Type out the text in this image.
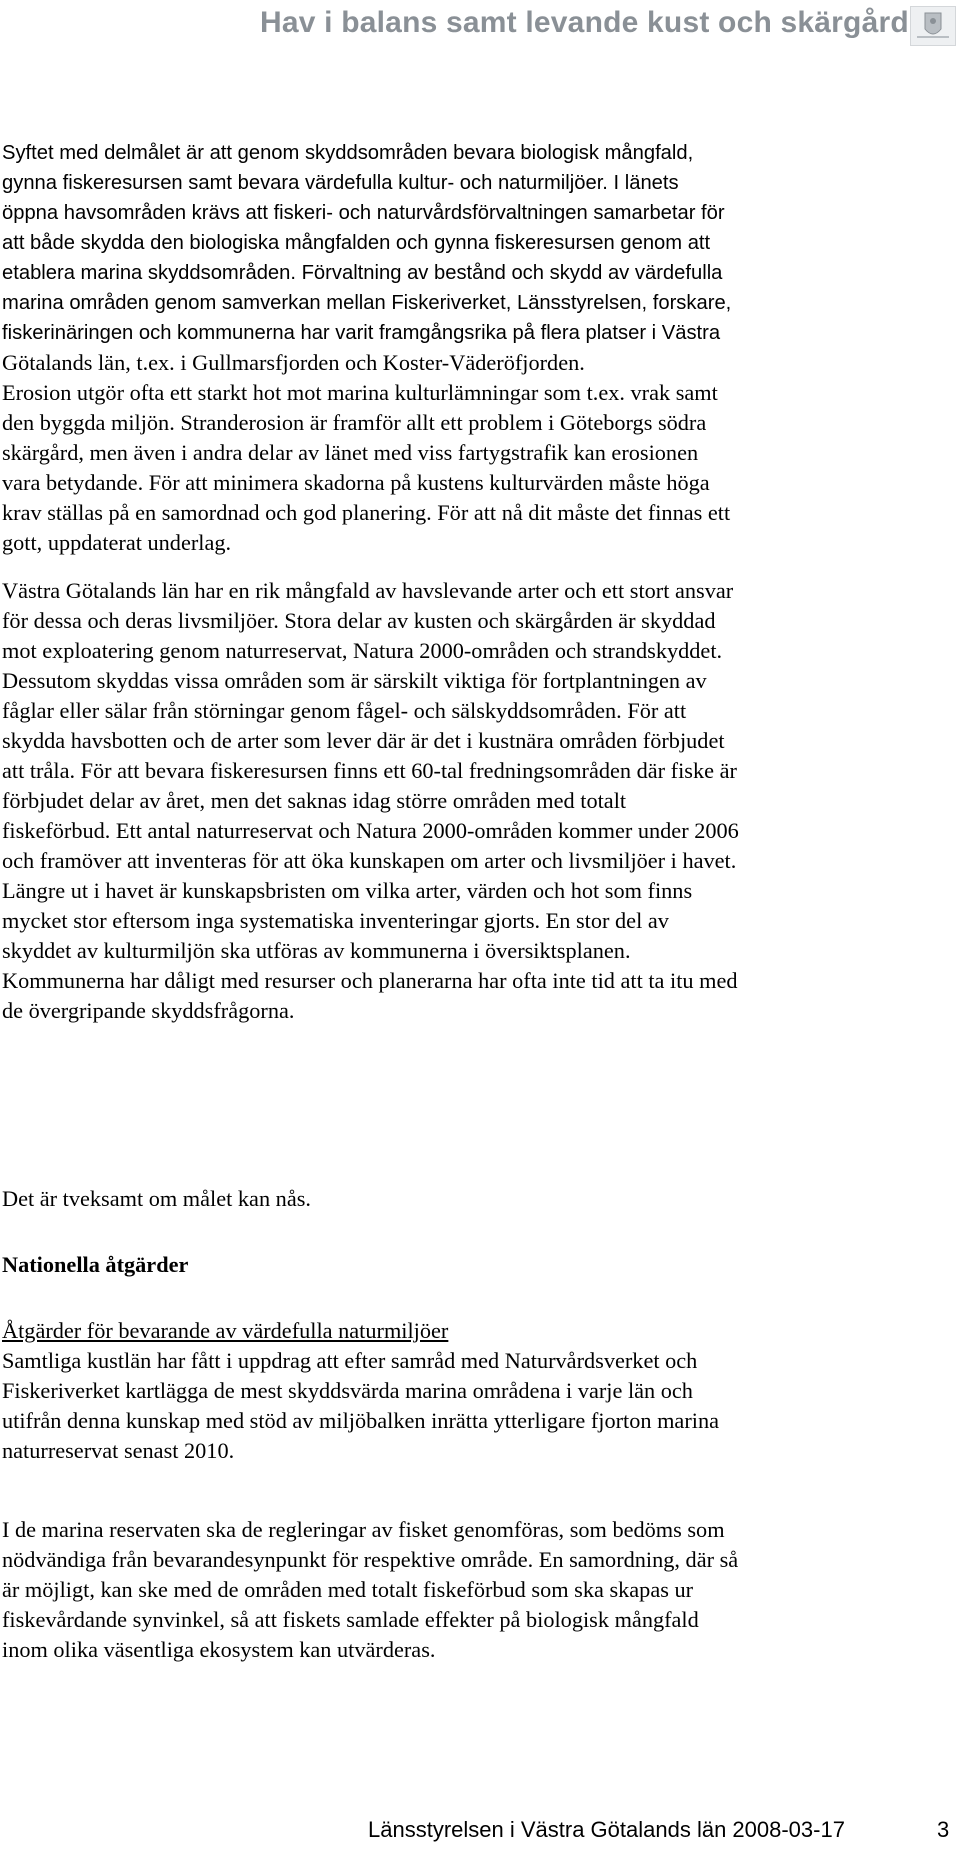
Hav i balans samt levande kust och skärgård
Syftet med delmålet är att genom skyddsområden bevara biologisk mångfald,
gynna fiskeresursen samt bevara värdefulla kultur- och naturmiljöer. I länets
öppna havsområden krävs att fiskeri- och naturvårdsförvaltningen samarbetar för
att både skydda den biologiska mångfalden och gynna fiskeresursen genom att
etablera marina skyddsområden. Förvaltning av bestånd och skydd av värdefulla
marina områden genom samverkan mellan Fiskeriverket, Länsstyrelsen, forskare,
fiskerinäringen och kommunerna har varit framgångsrika på flera platser i Västra
Götalands län, t.ex. i Gullmarsfjorden och Koster-Väderöfjorden.
Erosion utgör ofta ett starkt hot mot marina kulturlämningar som t.ex. vrak samt
den byggda miljön. Stranderosion är framför allt ett problem i Göteborgs södra
skärgård, men även i andra delar av länet med viss fartygstrafik kan erosionen
vara betydande. För att minimera skadorna på kustens kulturvärden måste höga
krav ställas på en samordnad och god planering. För att nå dit måste det finnas ett
gott, uppdaterat underlag.
Västra Götalands län har en rik mångfald av havslevande arter och ett stort ansvar
för dessa och deras livsmiljöer. Stora delar av kusten och skärgården är skyddad
mot exploatering genom naturreservat, Natura 2000-områden och strandskyddet.
Dessutom skyddas vissa områden som är särskilt viktiga för fortplantningen av
fåglar eller sälar från störningar genom fågel- och sälskyddsområden. För att
skydda havsbotten och de arter som lever där är det i kustnära områden förbjudet
att tråla. För att bevara fiskeresursen finns ett 60-tal fredningsområden där fiske är
förbjudet delar av året, men det saknas idag större områden med totalt
fiskeförbud. Ett antal naturreservat och Natura 2000-områden kommer under 2006
och framöver att inventeras för att öka kunskapen om arter och livsmiljöer i havet.
Längre ut i havet är kunskapsbristen om vilka arter, värden och hot som finns
mycket stor eftersom inga systematiska inventeringar gjorts. En stor del av
skyddet av kulturmiljön ska utföras av kommunerna i översiktsplanen.
Kommunerna har dåligt med resurser och planerarna har ofta inte tid att ta itu med
de övergripande skyddsfrågorna.
Det är tveksamt om målet kan nås.
Nationella åtgärder
Åtgärder för bevarande av värdefulla naturmiljöer
Samtliga kustlän har fått i uppdrag att efter samråd med Naturvårdsverket och
Fiskeriverket kartlägga de mest skyddsvärda marina områdena i varje län och
utifrån denna kunskap med stöd av miljöbalken inrätta ytterligare fjorton marina
naturreservat senast 2010.
I de marina reservaten ska de regleringar av fisket genomföras, som bedöms som
nödvändiga från bevarandesynpunkt för respektive område. En samordning, där så
är möjligt, kan ske med de områden med totalt fiskeförbud som ska skapas ur
fiskevårdande synvinkel, så att fiskets samlade effekter på biologisk mångfald
inom olika väsentliga ekosystem kan utvärderas.
Länsstyrelsen i Västra Götalands län 2008-03-17	3
